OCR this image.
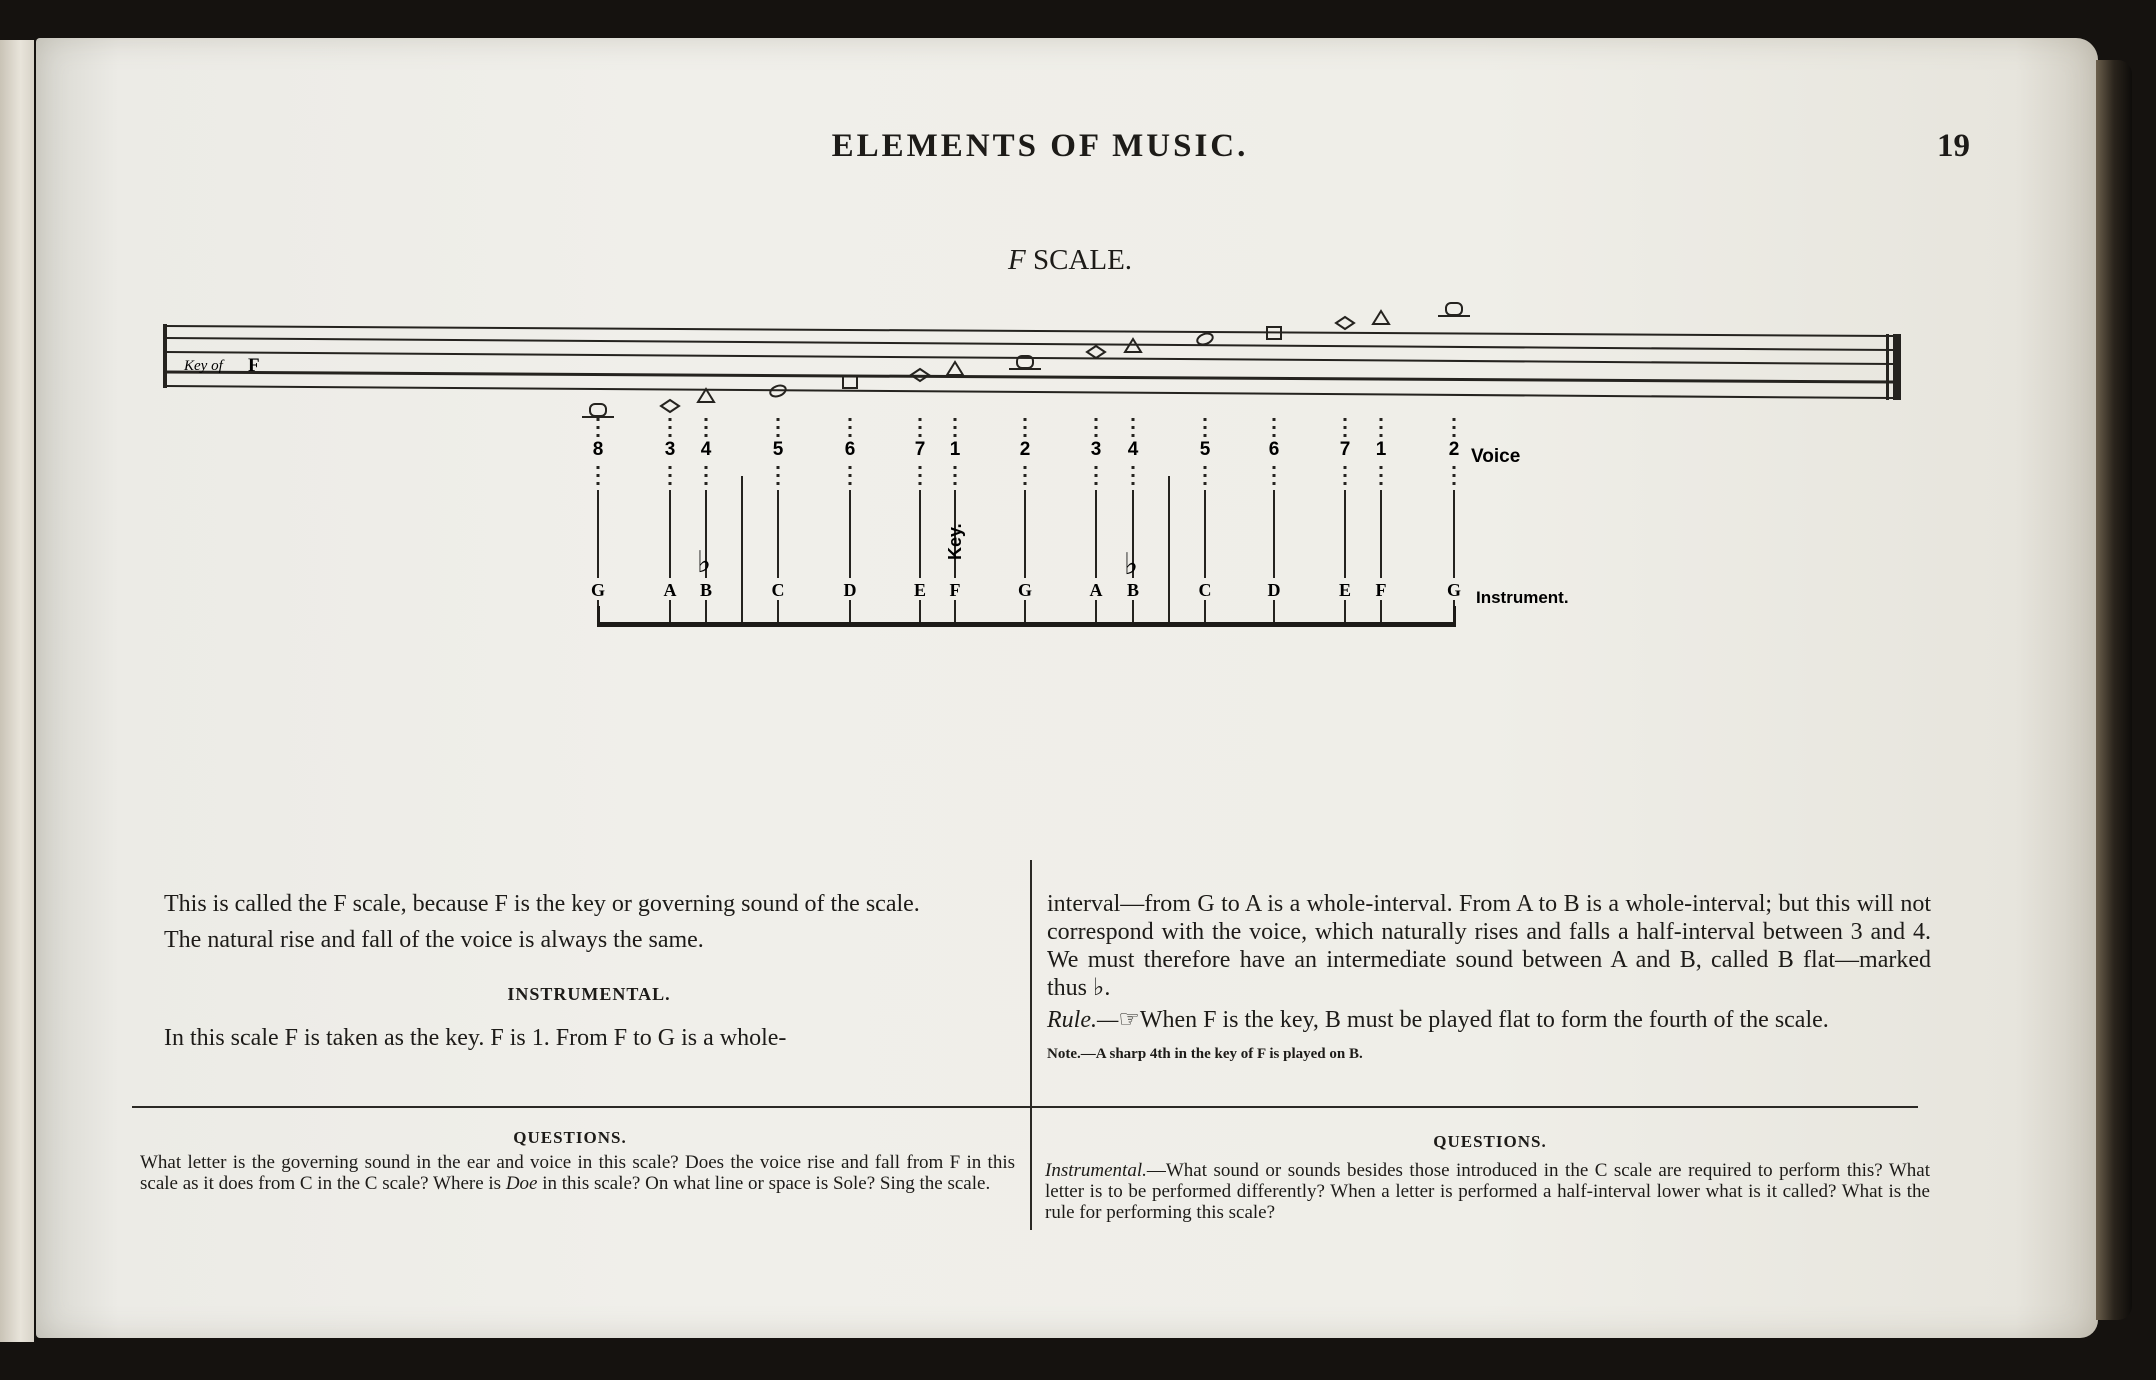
ELEMENTS OF MUSIC.	19
F SCALE.
Key of F
8	3 4	5	6	7 1	2	3 4	5	6	7 1	2
G	A B	C	D	E F	G	A B	C	D	E F	G
♭	♭
Voice
Instrument.
Key.

This is called the F scale, because F is the key or governing sound of the scale.

The natural rise and fall of the voice is always the same.

INSTRUMENTAL.

In this scale F is taken as the key. F is 1. From F to G is a whole-

interval—from G to A is a whole-interval. From A to B is a whole-interval; but this will not correspond with the voice, which naturally rises and falls a half-interval between 3 and 4. We must therefore have an intermediate sound between A and B, called B flat—marked thus ♭.

Rule.—☞When F is the key, B must be played flat to form the fourth of the scale.

Note.—A sharp 4th in the key of F is played on B.

QUESTIONS.
What letter is the governing sound in the ear and voice in this scale? Does the voice rise and fall from F in this scale as it does from C in the C scale? Where is Doe in this scale? On what line or space is Sole? Sing the scale.
QUESTIONS.
Instrumental.—What sound or sounds besides those introduced in the C scale are required to perform this? What letter is to be performed differently? When a letter is performed a half-interval lower what is it called? What is the rule for performing this scale?
